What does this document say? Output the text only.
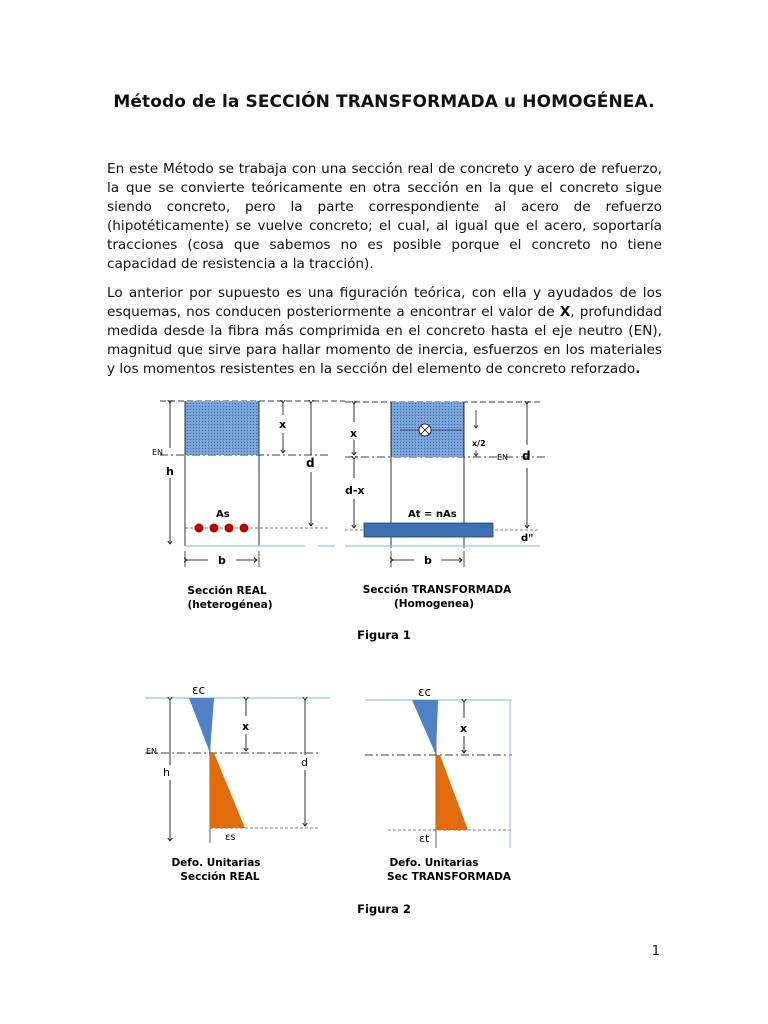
Método de la SECCIÓN TRANSFORMADA u HOMOGÉNEA.

En este Método se trabaja con una sección real de concreto y acero de refuerzo, la que se convierte teóricamente en otra sección en la que el concreto sigue siendo concreto, pero la parte correspondiente al acero de refuerzo (hipotéticamente) se vuelve concreto; el cual, al igual que el acero, soportaría tracciones (cosa que sabemos no es posible porque el concreto no tiene capacidad de resistencia a la tracción).

Lo anterior por supuesto es una figuración teórica, con ella y ayudados de los esquemas, nos conducen posteriormente a encontrar el valor de X, profundidad medida desde la fibra más comprimida en el concreto hasta el eje neutro (EN), magnitud que sirve para hallar momento de inercia, esfuerzos en los materiales y los momentos resistentes en la sección del elemento de concreto reforzado.

x
d
EN
h
As
b
Sección REAL
(heterogénea)
x
x/2
EN d
d-x
At = nAs
b
d"
Sección TRANSFORMADA
(Homogenea)
Figura 1
εc
x
EN
h
d
εs
Defo. Unitarias
Sección REAL
εc
x
εt
Defo. Unitarias
Sec TRANSFORMADA
Figura 2
1
